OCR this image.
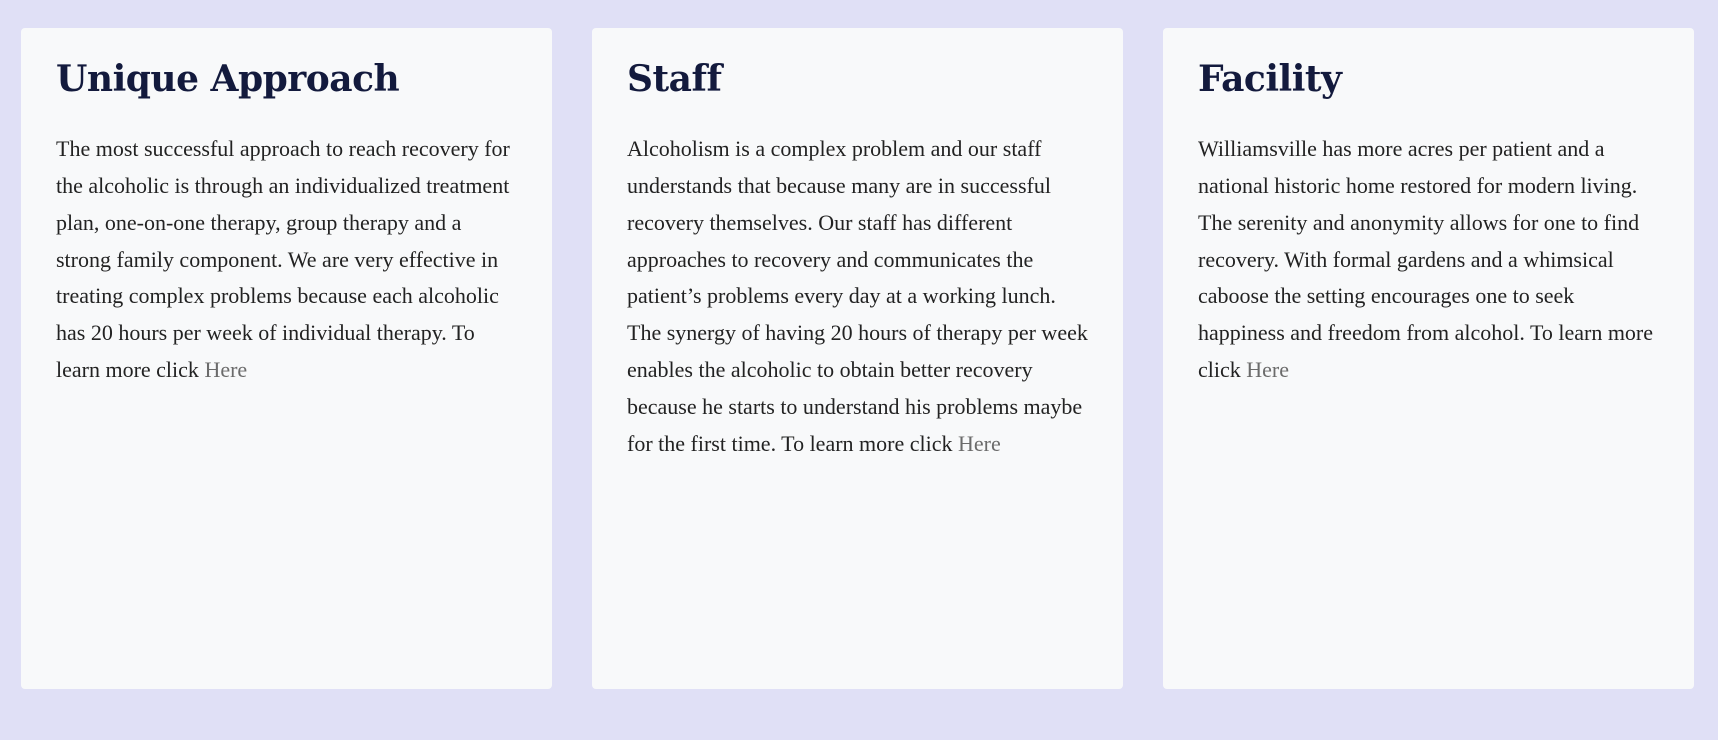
Unique Approach

The most successful approach to reach recovery for the alcoholic is through an individualized treatment plan, one-on-one therapy, group therapy and a strong family component. We are very effective in treating complex problems because each alcoholic has 20 hours per week of individual therapy. To learn more click Here

Staff

Alcoholism is a complex problem and our staff understands that because many are in successful recovery themselves. Our staff has different approaches to recovery and communicates the patient’s problems every day at a working lunch. The synergy of having 20 hours of therapy per week enables the alcoholic to obtain better recovery because he starts to understand his problems maybe for the first time. To learn more click Here

Facility

Williamsville has more acres per patient and a national historic home restored for modern living. The serenity and anonymity allows for one to find recovery. With formal gardens and a whimsical caboose the setting encourages one to seek happiness and freedom from alcohol. To learn more click Here
